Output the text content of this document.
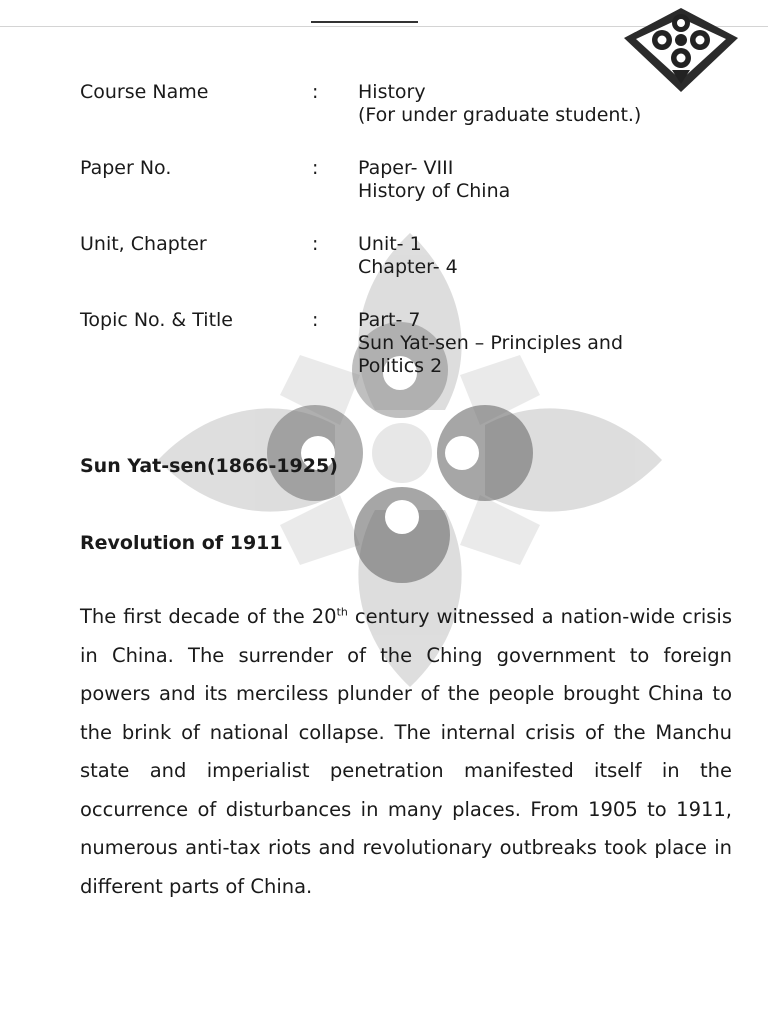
Course Name	: History
(For under graduate student.)
Paper No.	: Paper- VIII
History of China
Unit, Chapter	: Unit- 1
Chapter- 4
Topic No. & Title	: Part- 7
Sun Yat-sen – Principles and
Politics 2
Sun Yat-sen(1866-1925)
Revolution of 1911

The first decade of the 20th century witnessed a nation-wide crisis in China. The surrender of the Ching government to foreign powers and its merciless plunder of the people brought China to the brink of national collapse. The internal crisis of the Manchu state and imperialist penetration manifested itself in the occurrence of disturbances in many places. From 1905 to 1911, numerous anti-tax riots and revolutionary outbreaks took place in different parts of China.
